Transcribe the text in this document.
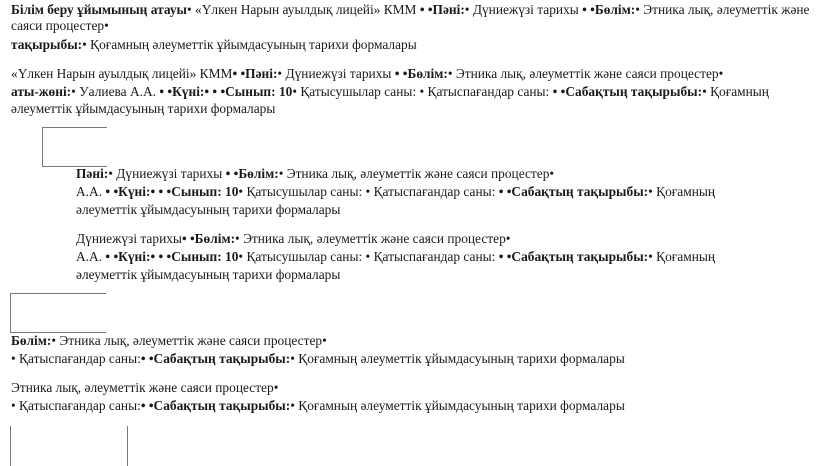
Білім беру ұйымының атауы• «Үлкен Нарын ауылдық лицейі» КММ • •Пәні:• Дүниежүзі тарихы • •Бөлім:• Этника лық, әлеуметтік және
саяси процестер•
тақырыбы:• Қоғамның әлеуметтік ұйымдасуының тарихи формалары
«Үлкен Нарын ауылдық лицейі» КММ• •Пәні:• Дүниежүзі тарихы • •Бөлім:• Этника лық, әлеуметтік және саяси процестер•
аты-жөні:• Уалиева А.А. • •Күні:• • •Сынып: 10• Қатысушылар саны: • Қатыспағандар саны: • •Сабақтың тақырыбы:• Қоғамның
әлеуметтік ұйымдасуының тарихи формалары
Пәні:• Дүниежүзі тарихы • •Бөлім:• Этника лық, әлеуметтік және саяси процестер•
А.А. • •Күні:• • •Сынып: 10• Қатысушылар саны: • Қатыспағандар саны: • •Сабақтың тақырыбы:• Қоғамның
әлеуметтік ұйымдасуының тарихи формалары
Дүниежүзі тарихы• •Бөлім:• Этника лық, әлеуметтік және саяси процестер•
А.А. • •Күні:• • •Сынып: 10• Қатысушылар саны: • Қатыспағандар саны: • •Сабақтың тақырыбы:• Қоғамның
әлеуметтік ұйымдасуының тарихи формалары
Бөлім:• Этника лық, әлеуметтік және саяси процестер•
• Қатыспағандар саны:• •Сабақтың тақырыбы:• Қоғамның әлеуметтік ұйымдасуының тарихи формалары
Этника лық, әлеуметтік және саяси процестер•
• Қатыспағандар саны:• •Сабақтың тақырыбы:• Қоғамның әлеуметтік ұйымдасуының тарихи формалары
